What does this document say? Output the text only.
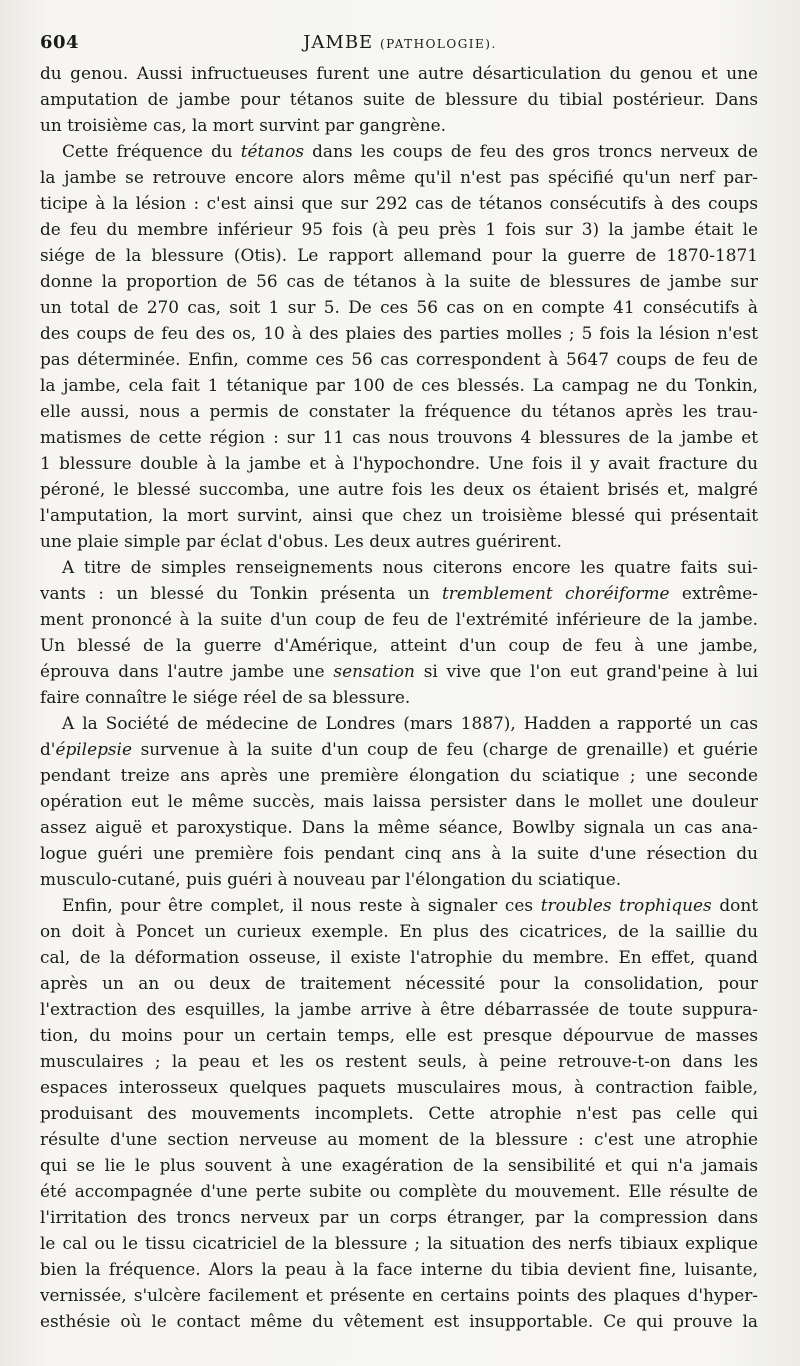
604	JAMBE (PATHOLOGIE).
du genou. Aussi infructueuses furent une autre désarticulation du genou et une
amputation de jambe pour tétanos suite de blessure du tibial postérieur. Dans
un troisième cas, la mort survint par gangrène.
Cette fréquence du tétanos dans les coups de feu des gros troncs nerveux de
la jambe se retrouve encore alors même qu'il n'est pas spécifié qu'un nerf par-
ticipe à la lésion : c'est ainsi que sur 292 cas de tétanos consécutifs à des coups
de feu du membre inférieur 95 fois (à peu près 1 fois sur 3) la jambe était le
siége de la blessure (Otis). Le rapport allemand pour la guerre de 1870-1871
donne la proportion de 56 cas de tétanos à la suite de blessures de jambe sur
un total de 270 cas, soit 1 sur 5. De ces 56 cas on en compte 41 consécutifs à
des coups de feu des os, 10 à des plaies des parties molles ; 5 fois la lésion n'est
pas déterminée. Enfin, comme ces 56 cas correspondent à 5647 coups de feu de
la jambe, cela fait 1 tétanique par 100 de ces blessés. La campag ne du Tonkin,
elle aussi, nous a permis de constater la fréquence du tétanos après les trau-
matismes de cette région : sur 11 cas nous trouvons 4 blessures de la jambe et
1 blessure double à la jambe et à l'hypochondre. Une fois il y avait fracture du
péroné, le blessé succomba, une autre fois les deux os étaient brisés et, malgré
l'amputation, la mort survint, ainsi que chez un troisième blessé qui présentait
une plaie simple par éclat d'obus. Les deux autres guérirent.
A titre de simples renseignements nous citerons encore les quatre faits sui-
vants : un blessé du Tonkin présenta un tremblement choréiforme extrême-
ment prononcé à la suite d'un coup de feu de l'extrémité inférieure de la jambe.
Un blessé de la guerre d'Amérique, atteint d'un coup de feu à une jambe,
éprouva dans l'autre jambe une sensation si vive que l'on eut grand'peine à lui
faire connaître le siége réel de sa blessure.
A la Société de médecine de Londres (mars 1887), Hadden a rapporté un cas
d'épilepsie survenue à la suite d'un coup de feu (charge de grenaille) et guérie
pendant treize ans après une première élongation du sciatique ; une seconde
opération eut le même succès, mais laissa persister dans le mollet une douleur
assez aiguë et paroxystique. Dans la même séance, Bowlby signala un cas ana-
logue guéri une première fois pendant cinq ans à la suite d'une résection du
musculo-cutané, puis guéri à nouveau par l'élongation du sciatique.
Enfin, pour être complet, il nous reste à signaler ces troubles trophiques dont
on doit à Poncet un curieux exemple. En plus des cicatrices, de la saillie du
cal, de la déformation osseuse, il existe l'atrophie du membre. En effet, quand
après un an ou deux de traitement nécessité pour la consolidation, pour
l'extraction des esquilles, la jambe arrive à être débarrassée de toute suppura-
tion, du moins pour un certain temps, elle est presque dépourvue de masses
musculaires ; la peau et les os restent seuls, à peine retrouve-t-on dans les
espaces interosseux quelques paquets musculaires mous, à contraction faible,
produisant des mouvements incomplets. Cette atrophie n'est pas celle qui
résulte d'une section nerveuse au moment de la blessure : c'est une atrophie
qui se lie le plus souvent à une exagération de la sensibilité et qui n'a jamais
été accompagnée d'une perte subite ou complète du mouvement. Elle résulte de
l'irritation des troncs nerveux par un corps étranger, par la compression dans
le cal ou le tissu cicatriciel de la blessure ; la situation des nerfs tibiaux explique
bien la fréquence. Alors la peau à la face interne du tibia devient fine, luisante,
vernissée, s'ulcère facilement et présente en certains points des plaques d'hyper-
esthésie où le contact même du vêtement est insupportable. Ce qui prouve la
